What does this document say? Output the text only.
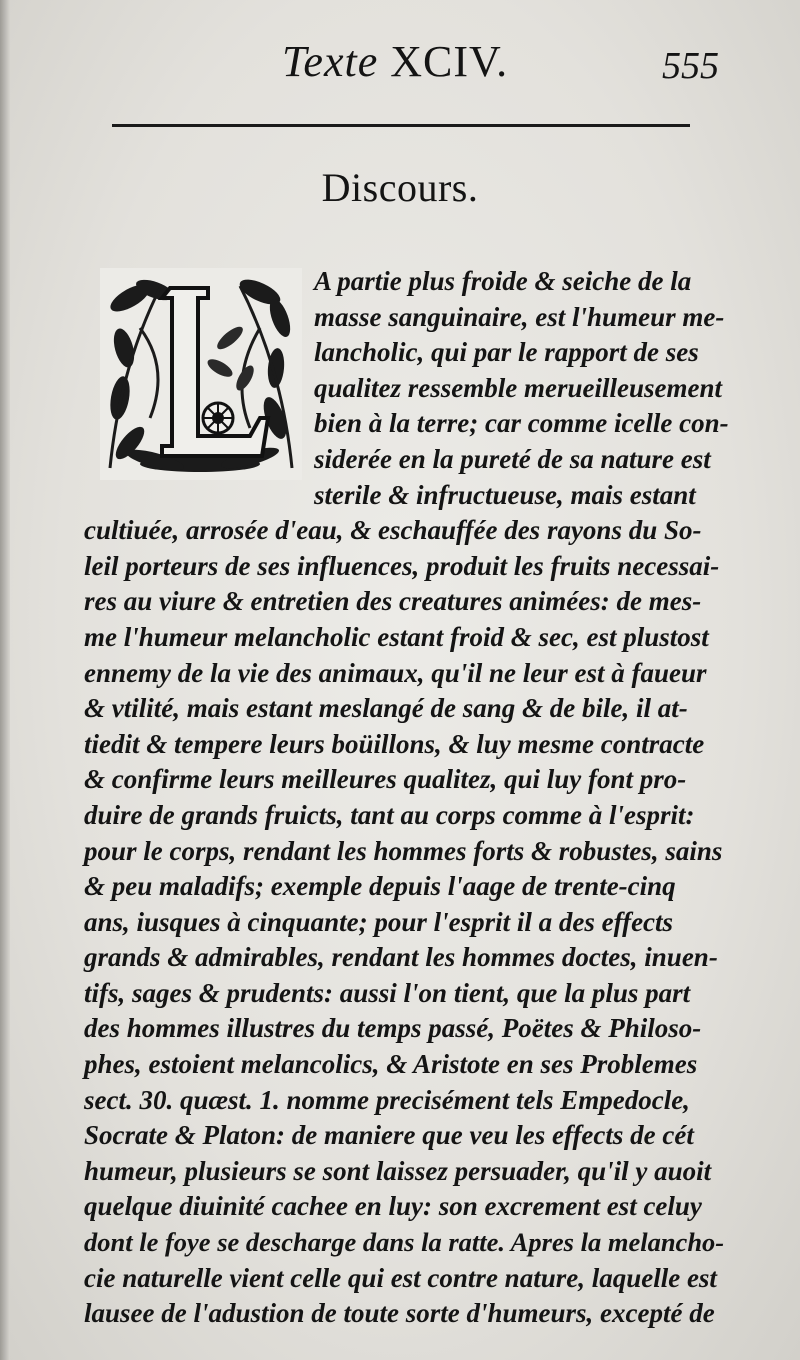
Texte XCIV.	555
Discours.
A partie plus froide & seiche de la
masse sanguinaire, est l'humeur me-
lancholic, qui par le rapport de ses
qualitez ressemble merueilleusement
bien à la terre; car comme icelle con-
siderée en la pureté de sa nature est
sterile & infructueuse, mais estant
cultiuée, arrosée d'eau, & eschauffée des rayons du So-
leil porteurs de ses influences, produit les fruits necessai-
res au viure & entretien des creatures animées: de mes-
me l'humeur melancholic estant froid & sec, est plustost
ennemy de la vie des animaux, qu'il ne leur est à faueur
& vtilité, mais estant meslangé de sang & de bile, il at-
tiedit & tempere leurs boüillons, & luy mesme contracte
& confirme leurs meilleures qualitez, qui luy font pro-
duire de grands fruicts, tant au corps comme à l'esprit:
pour le corps, rendant les hommes forts & robustes, sains
& peu maladifs; exemple depuis l'aage de trente-cinq
ans, iusques à cinquante; pour l'esprit il a des effects
grands & admirables, rendant les hommes doctes, inuen-
tifs, sages & prudents: aussi l'on tient, que la plus part
des hommes illustres du temps passé, Poëtes & Philoso-
phes, estoient melancolics, & Aristote en ses Problemes
sect. 30. quæst. 1. nomme precisément tels Empedocle,
Socrate & Platon: de maniere que veu les effects de cét
humeur, plusieurs se sont laissez persuader, qu'il y auoit
quelque diuinité cachee en luy: son excrement est celuy
dont le foye se descharge dans la ratte. Apres la melancho-
cie naturelle vient celle qui est contre nature, laquelle est
lausee de l'adustion de toute sorte d'humeurs, excepté de
